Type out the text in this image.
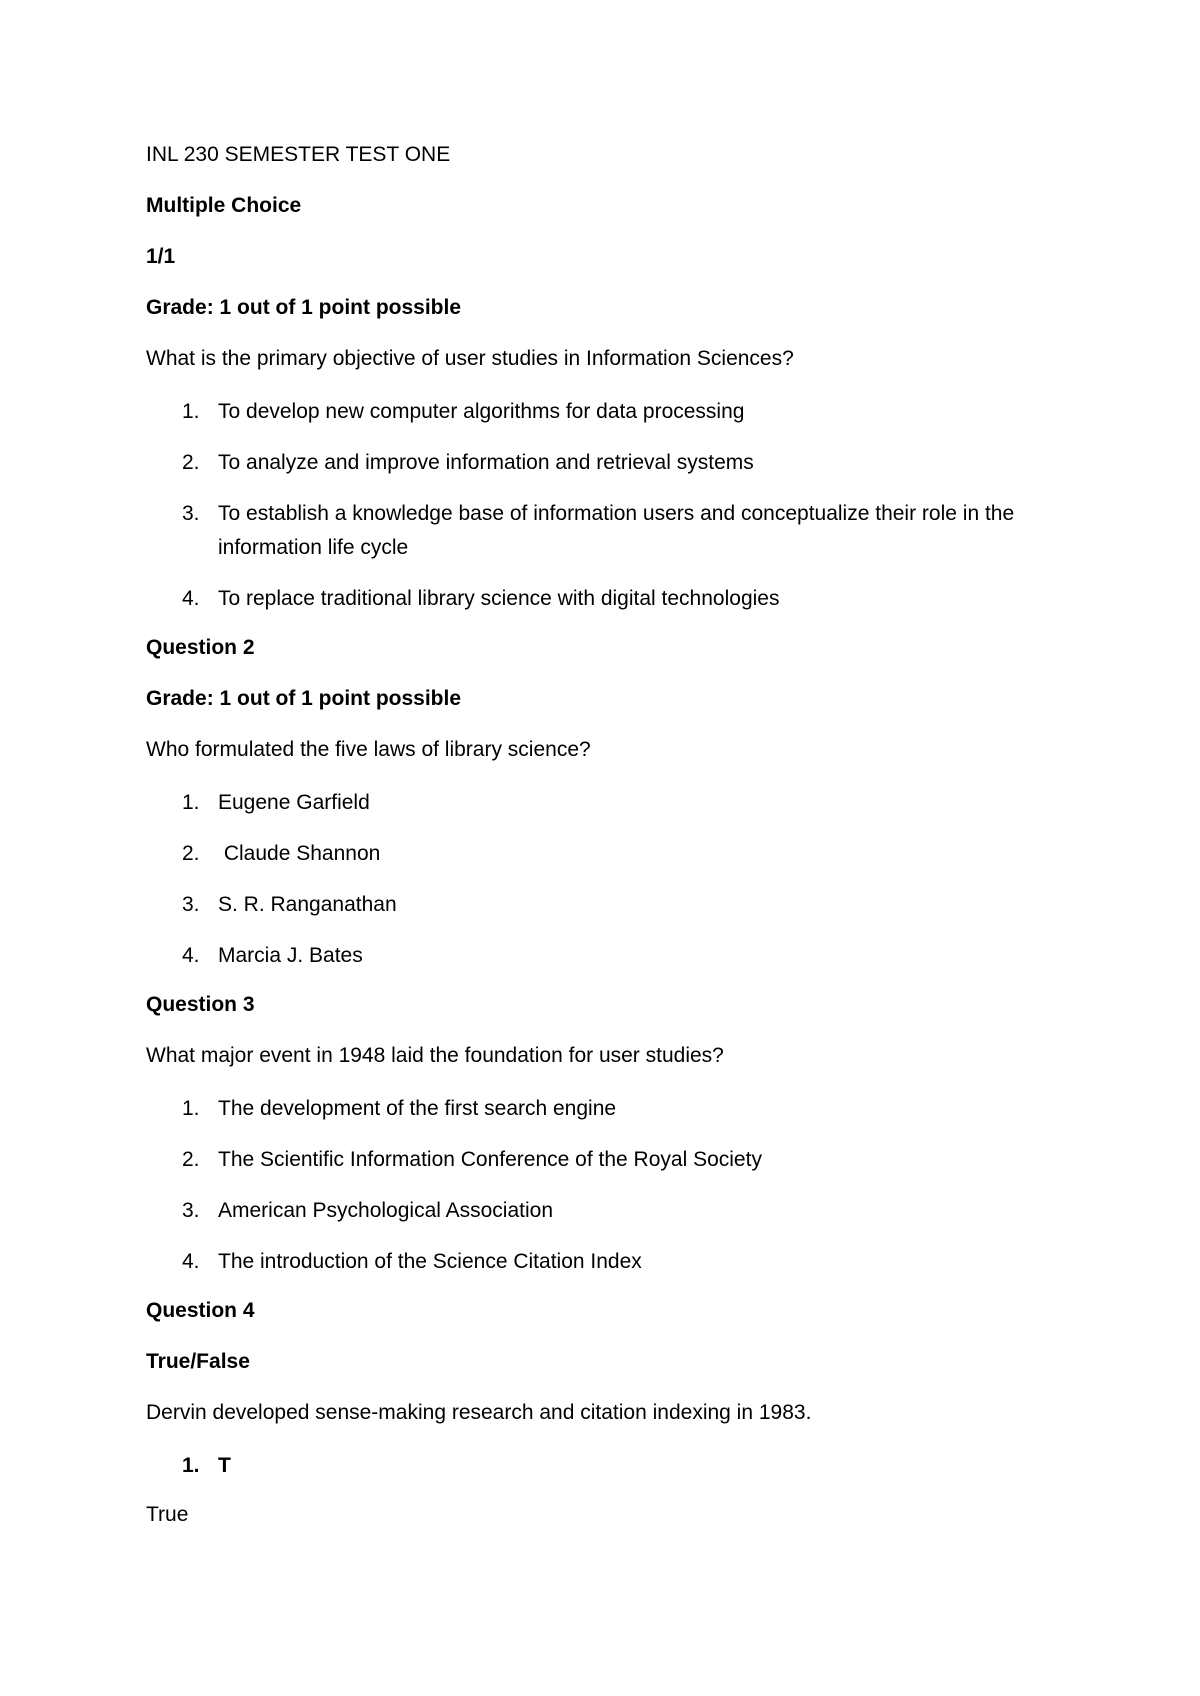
INL 230 SEMESTER TEST ONE
Multiple Choice
1/1
Grade: 1 out of 1 point possible
What is the primary objective of user studies in Information Sciences?
1. To develop new computer algorithms for data processing
2. To analyze and improve information and retrieval systems
3. To establish a knowledge base of information users and conceptualize their role in the information life cycle
4. To replace traditional library science with digital technologies
Question 2
Grade: 1 out of 1 point possible
Who formulated the five laws of library science?
1. Eugene Garfield
2. Claude Shannon
3. S. R. Ranganathan
4. Marcia J. Bates
Question 3
What major event in 1948 laid the foundation for user studies?
1. The development of the first search engine
2. The Scientific Information Conference of the Royal Society
3. American Psychological Association
4. The introduction of the Science Citation Index
Question 4
True/False
Dervin developed sense-making research and citation indexing in 1983.
1. T
True
